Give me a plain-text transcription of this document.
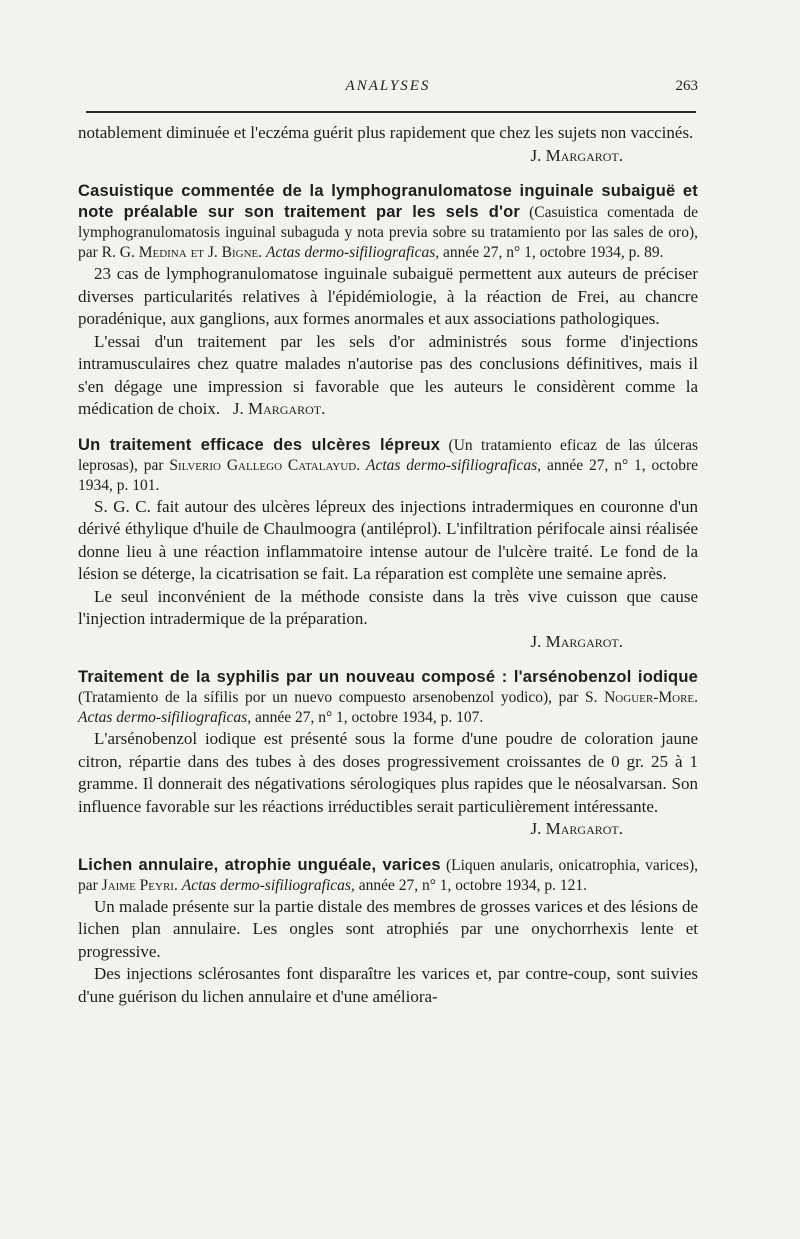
ANALYSES	263

notablement diminuée et l'eczéma guérit plus rapidement que chez les sujets non vaccinés.
J. Margarot.

Casuistique commentée de la lymphogranulomatose inguinale subaiguë et note préalable sur son traitement par les sels d'or (Casuistica comentada de lymphogranulomatosis inguinal subaguda y nota previa sobre su tratamiento por las sales de oro), par R. G. Medina et J. Bigne. Actas dermo-sifiliograficas, année 27, n° 1, octobre 1934, p. 89.

23 cas de lymphogranulomatose inguinale subaiguë permettent aux auteurs de préciser diverses particularités relatives à l'épidémiologie, à la réaction de Frei, au chancre poradénique, aux ganglions, aux formes anormales et aux associations pathologiques.

L'essai d'un traitement par les sels d'or administrés sous forme d'injections intramusculaires chez quatre malades n'autorise pas des conclusions définitives, mais il s'en dégage une impression si favorable que les auteurs le considèrent comme la médication de choix. J. Margarot.

Un traitement efficace des ulcères lépreux (Un tratamiento eficaz de las úlceras leprosas), par Silverio Gallego Catalayud. Actas dermo-sifiliograficas, année 27, n° 1, octobre 1934, p. 101.

S. G. C. fait autour des ulcères lépreux des injections intradermiques en couronne d'un dérivé éthylique d'huile de Chaulmoogra (antiléprol). L'infiltration périfocale ainsi réalisée donne lieu à une réaction inflammatoire intense autour de l'ulcère traité. Le fond de la lésion se déterge, la cicatrisation se fait. La réparation est complète une semaine après.

Le seul inconvénient de la méthode consiste dans la très vive cuisson que cause l'injection intradermique de la préparation.

J. Margarot.

Traitement de la syphilis par un nouveau composé : l'arsénobenzol iodique (Tratamiento de la sífilis por un nuevo compuesto arsenobenzol yodico), par S. Noguer-More. Actas dermo-sifiliograficas, année 27, n° 1, octobre 1934, p. 107.

L'arsénobenzol iodique est présenté sous la forme d'une poudre de coloration jaune citron, répartie dans des tubes à des doses progressivement croissantes de 0 gr. 25 à 1 gramme. Il donnerait des négativations sérologiques plus rapides que le néosalvarsan. Son influence favorable sur les réactions irréductibles serait particulièrement intéressante.

J. Margarot.

Lichen annulaire, atrophie unguéale, varices (Liquen anularis, onicatrophia, varices), par Jaime Peyri. Actas dermo-sifiliograficas, année 27, n° 1, octobre 1934, p. 121.

Un malade présente sur la partie distale des membres de grosses varices et des lésions de lichen plan annulaire. Les ongles sont atrophiés par une onychorrhexis lente et progressive.

Des injections sclérosantes font disparaître les varices et, par contre-coup, sont suivies d'une guérison du lichen annulaire et d'une améliora-
